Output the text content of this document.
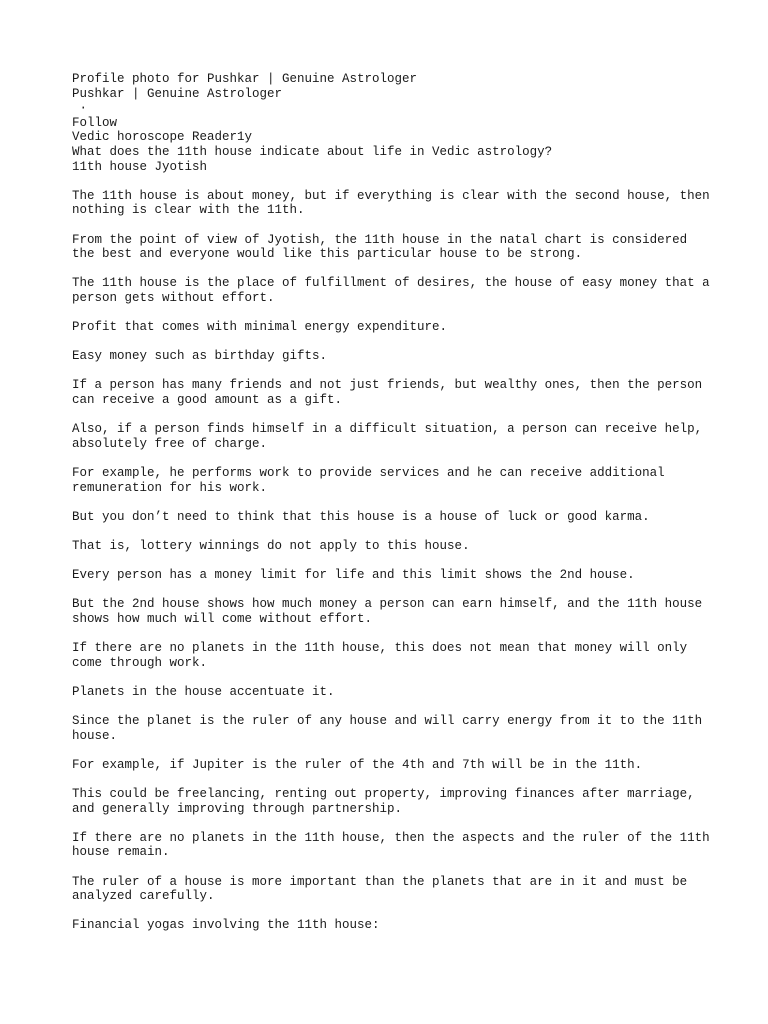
Profile photo for Pushkar | Genuine Astrologer
Pushkar | Genuine Astrologer
·
Follow
Vedic horoscope Reader1y
What does the 11th house indicate about life in Vedic astrology?
11th house Jyotish

The 11th house is about money, but if everything is clear with the second house, then nothing is clear with the 11th.

From the point of view of Jyotish, the 11th house in the natal chart is considered the best and everyone would like this particular house to be strong.

The 11th house is the place of fulfillment of desires, the house of easy money that a person gets without effort.

Profit that comes with minimal energy expenditure.

Easy money such as birthday gifts.

If a person has many friends and not just friends, but wealthy ones, then the person can receive a good amount as a gift.

Also, if a person finds himself in a difficult situation, a person can receive help, absolutely free of charge.

For example, he performs work to provide services and he can receive additional remuneration for his work.

But you don’t need to think that this house is a house of luck or good karma.

That is, lottery winnings do not apply to this house.

Every person has a money limit for life and this limit shows the 2nd house.

But the 2nd house shows how much money a person can earn himself, and the 11th house shows how much will come without effort.

If there are no planets in the 11th house, this does not mean that money will only come through work.

Planets in the house accentuate it.

Since the planet is the ruler of any house and will carry energy from it to the 11th house.

For example, if Jupiter is the ruler of the 4th and 7th will be in the 11th.

This could be freelancing, renting out property, improving finances after marriage, and generally improving through partnership.

If there are no planets in the 11th house, then the aspects and the ruler of the 11th house remain.

The ruler of a house is more important than the planets that are in it and must be analyzed carefully.

Financial yogas involving the 11th house:
